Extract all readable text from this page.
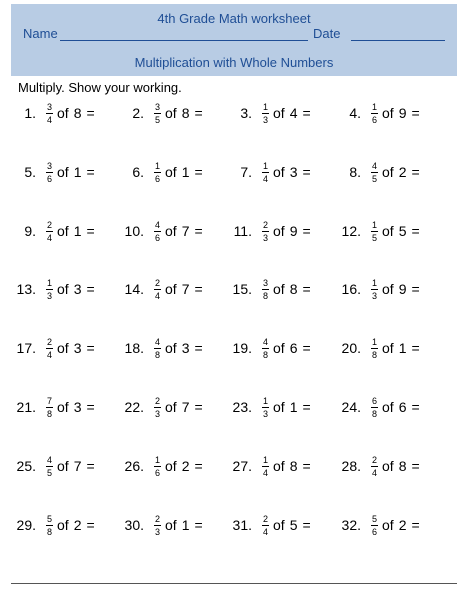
4th Grade Math worksheet
Name	Date
Multiplication with Whole Numbers
Multiply. Show your working.
1. $\frac{3}{4}$ of 8 =	2. $\frac{3}{5}$ of 8 =	3. $\frac{1}{3}$ of 4 =	4. $\frac{1}{6}$ of 9 =
5. $\frac{3}{6}$ of 1 =	6. $\frac{1}{6}$ of 1 =	7. $\frac{1}{4}$ of 3 =	8. $\frac{4}{5}$ of 2 =
9. $\frac{2}{4}$ of 1 = 10. $\frac{4}{6}$ of 7 = 11. $\frac{2}{3}$ of 9 = 12. $\frac{1}{5}$ of 5 =
13. $\frac{1}{3}$ of 3 = 14. $\frac{2}{4}$ of 7 = 15. $\frac{3}{8}$ of 8 = 16. $\frac{1}{3}$ of 9 =
17. $\frac{2}{4}$ of 3 = 18. $\frac{4}{8}$ of 3 = 19. $\frac{4}{8}$ of 6 = 20. $\frac{1}{8}$ of 1 =
21. $\frac{7}{8}$ of 3 = 22. $\frac{2}{3}$ of 7 = 23. $\frac{1}{3}$ of 1 = 24. $\frac{6}{8}$ of 6 =
25. $\frac{4}{5}$ of 7 = 26. $\frac{1}{6}$ of 2 = 27. $\frac{1}{4}$ of 8 = 28. $\frac{2}{4}$ of 8 =
29. $\frac{5}{8}$ of 2 = 30. $\frac{2}{3}$ of 1 = 31. $\frac{2}{4}$ of 5 = 32. $\frac{5}{6}$ of 2 =
